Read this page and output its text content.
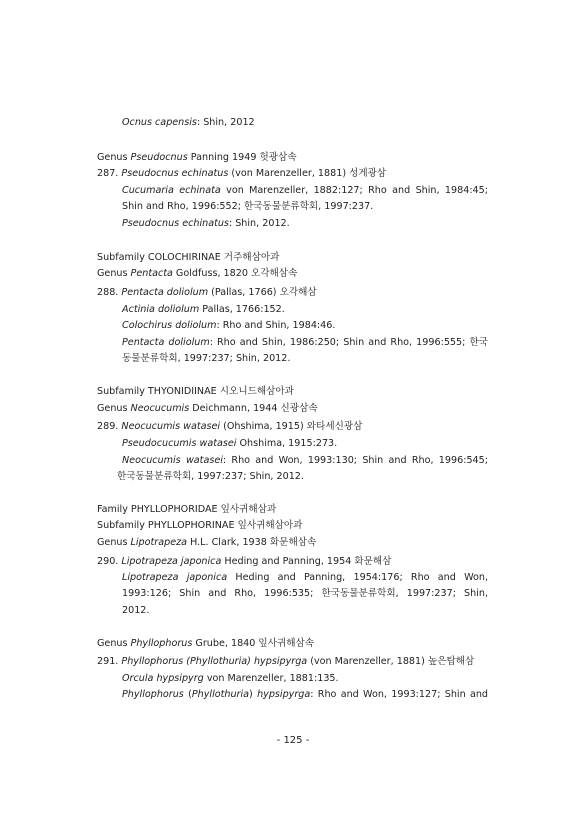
Ocnus capensis: Shin, 2012
Genus Pseudocnus Panning 1949 헛광삼속
287. Pseudocnus echinatus (von Marenzeller, 1881) 성게광삼
Cucumaria echinata von Marenzeller, 1882:127; Rho and Shin, 1984:45;
Shin and Rho, 1996:552; 한국동물분류학회, 1997:237.
Pseudocnus echinatus: Shin, 2012.
Subfamily COLOCHIRINAE 거주해삼아과
Genus Pentacta Goldfuss, 1820 오각해삼속
288. Pentacta doliolum (Pallas, 1766) 오각해삼
Actinia doliolum Pallas, 1766:152.
Colochirus doliolum: Rho and Shin, 1984:46.
Pentacta doliolum: Rho and Shin, 1986:250; Shin and Rho, 1996:555; 한국
동물분류학회, 1997:237; Shin, 2012.
Subfamily THYONIDIINAE 시오니드해삼아과
Genus Neocucumis Deichmann, 1944 신광삼속
289. Neocucumis watasei (Ohshima, 1915) 와타세신광삼
Pseudocucumis watasei Ohshima, 1915:273.
Neocucumis watasei: Rho and Won, 1993:130; Shin and Rho, 1996:545;
한국동물분류학회, 1997:237; Shin, 2012.
Family PHYLLOPHORIDAE 잎사귀해삼과
Subfamily PHYLLOPHORINAE 잎사귀해삼아과
Genus Lipotrapeza H.L. Clark, 1938 화문해삼속
290. Lipotrapeza japonica Heding and Panning, 1954 화문해삼
Lipotrapeza japonica Heding and Panning, 1954:176; Rho and Won,
1993:126; Shin and Rho, 1996:535; 한국동물분류학회, 1997:237; Shin,
2012.
Genus Phyllophorus Grube, 1840 잎사귀해삼속
291. Phyllophorus (Phyllothuria) hypsipyrga (von Marenzeller, 1881) 높은탑해삼
Orcula hypsipyrg von Marenzeller, 1881:135.
Phyllophorus (Phyllothuria) hypsipyrga: Rho and Won, 1993:127; Shin and
- 125 -
